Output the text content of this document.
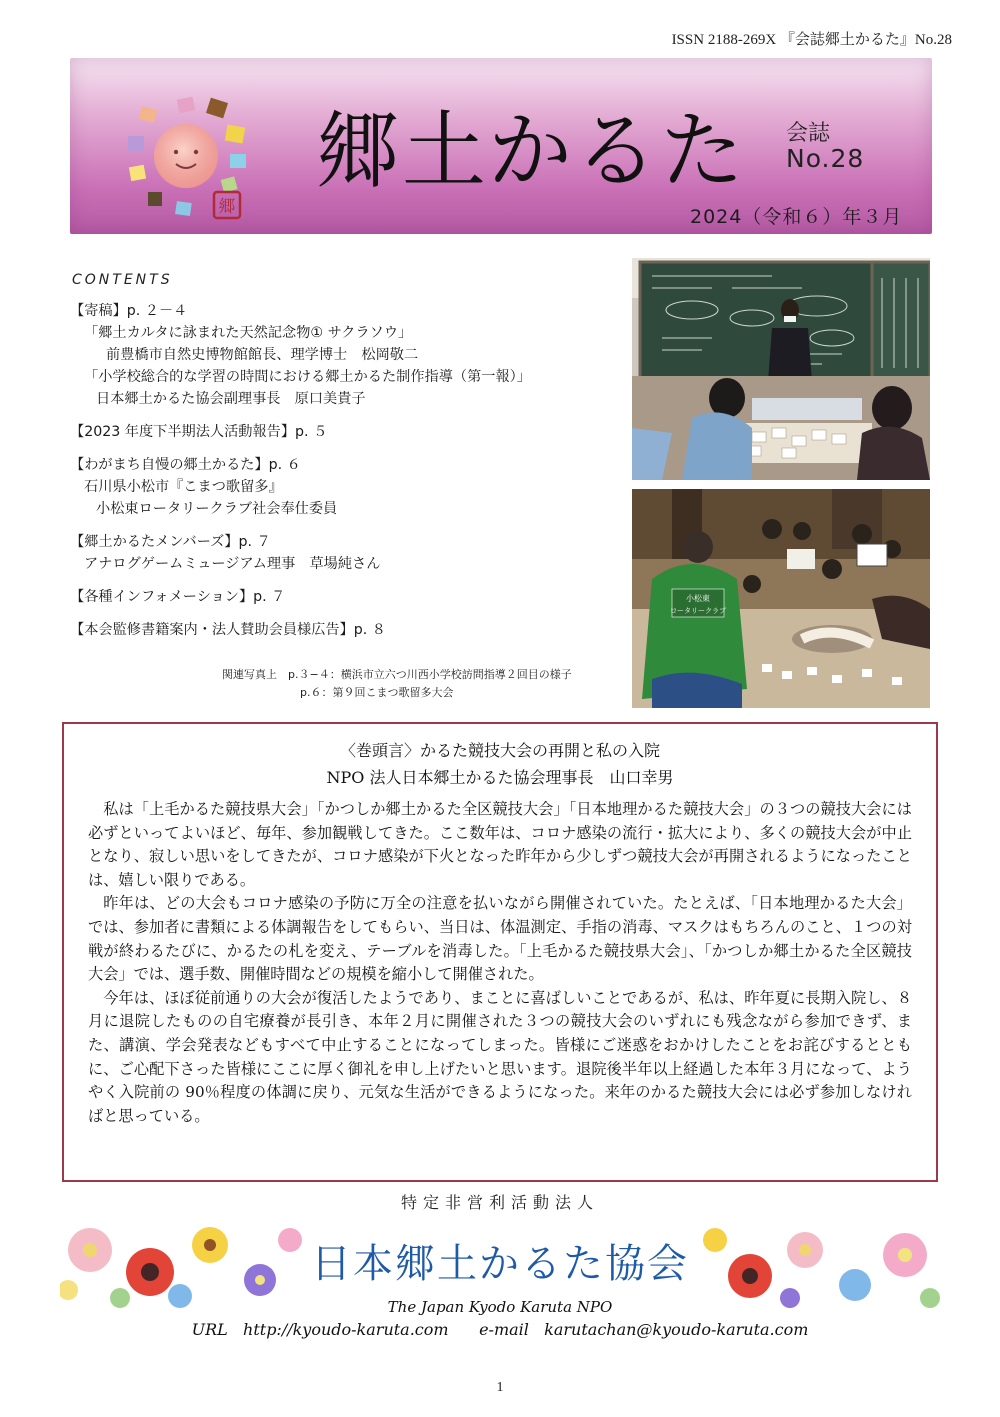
ISSN 2188-269X 『会誌郷土かるた』No.28
郷
郷土かるた 会誌
No.28
2024（令和６）年３月
CONTENTS
【寄稿】p. ２－４
「郷土カルタに詠まれた天然記念物① サクラソウ」
前豊橋市自然史博物館館長、理学博士　松岡敬二
「小学校総合的な学習の時間における郷土かるた制作指導（第一報）」
日本郷土かるた協会副理事長　原口美貴子
【2023 年度下半期法人活動報告】p. ５
【わがまち自慢の郷土かるた】p. ６
石川県小松市『こまつ歌留多』
小松東ロータリークラブ社会奉仕委員
【郷土かるたメンバーズ】p. ７
アナログゲームミュージアム理事　草場純さん
【各種インフォメーション】p. ７
【本会監修書籍案内・法人賛助会員様広告】p. ８
関連写真上　p.３−４：横浜市立六つ川西小学校訪問指導２回目の様子
p.６：第９回こまつ歌留多大会
小松東
ロータリークラブ
〈巻頭言〉かるた競技大会の再開と私の入院
NPO 法人日本郷土かるた協会理事長　山口幸男

私は「上毛かるた競技県大会」「かつしか郷土かるた全区競技大会」「日本地理かるた競技大会」の３つの競技大会には必ずといってよいほど、毎年、参加観戦してきた。ここ数年は、コロナ感染の流行・拡大により、多くの競技大会が中止となり、寂しい思いをしてきたが、コロナ感染が下火となった昨年から少しずつ競技大会が再開されるようになったことは、嬉しい限りである。

昨年は、どの大会もコロナ感染の予防に万全の注意を払いながら開催されていた。たとえば、「日本地理かるた大会」では、参加者に書類による体調報告をしてもらい、当日は、体温測定、手指の消毒、マスクはもちろんのこと、１つの対戦が終わるたびに、かるたの札を変え、テーブルを消毒した。「上毛かるた競技県大会」、「かつしか郷土かるた全区競技大会」では、選手数、開催時間などの規模を縮小して開催された。

今年は、ほぼ従前通りの大会が復活したようであり、まことに喜ばしいことであるが、私は、昨年夏に長期入院し、８月に退院したものの自宅療養が長引き、本年２月に開催された３つの競技大会のいずれにも残念ながら参加できず、また、講演、学会発表などもすべて中止することになってしまった。皆様にご迷惑をおかけしたことをお詫びするとともに、ご心配下さった皆様にここに厚く御礼を申し上げたいと思います。退院後半年以上経過した本年３月になって、ようやく入院前の 90％程度の体調に戻り、元気な生活ができるようになった。来年のかるた競技大会には必ず参加しなければと思っている。

特定非営利活動法人
日本郷土かるた協会
The Japan Kyodo Karuta NPO
URL   http://kyoudo-karuta.com      e-mail   karutachan@kyoudo-karuta.com
1
